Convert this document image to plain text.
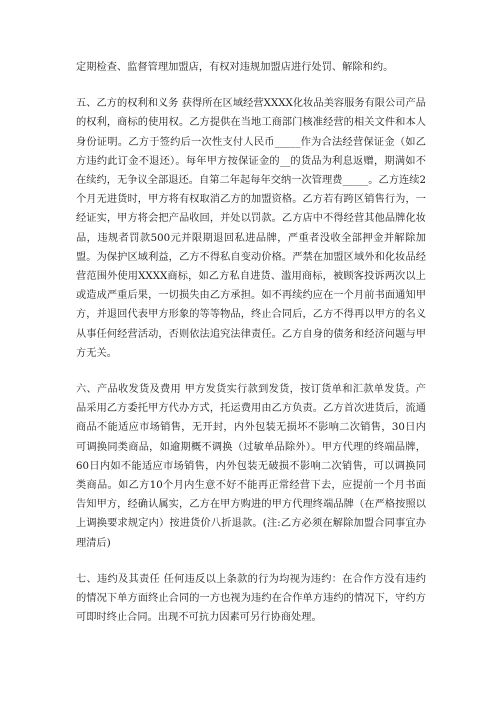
定期检查、监督管理加盟店，有权对违规加盟店进行处罚、解除和约。

五、乙方的权利和义务 获得所在区域经营XXXX化妆品美容服务有限公司产品的权利，商标的使用权。乙方提供在当地工商部门核准经营的相关文件和本人身份证明。乙方于签约后一次性支付人民币_____作为合法经营保证金（如乙方违约此订金不退还）。每年甲方按保证金的__的货品为利息返赠，期满如不在续约，无争议全部退还。自第二年起每年交纳一次管理费_____。乙方连续2个月无进货时，甲方将有权取消乙方的加盟资格。乙方若有跨区销售行为，一经证实，甲方将会把产品收回，并处以罚款。乙方店中不得经营其他品牌化妆品，违规者罚款500元并限期退回私进品牌，严重者没收全部押金并解除加盟。为保护区域利益，乙方不得私自变动价格。严禁在加盟区域外和化妆品经营范围外使用XXXX商标，如乙方私自进货、滥用商标，被顾客投诉两次以上或造成严重后果，一切损失由乙方承担。如不再续约应在一个月前书面通知甲方，并退回代表甲方形象的等等物品，终止合同后，乙方不得再以甲方的名义从事任何经营活动，否则依法追究法律责任。乙方自身的债务和经济问题与甲方无关。

六、产品收发货及费用 甲方发货实行款到发货，按订货单和汇款单发货。产品采用乙方委托甲方代办方式，托运费用由乙方负责。乙方首次进货后，流通商品不能适应市场销售，无开封，内外包装无损坏不影响二次销售，30日内可调换同类商品，如逾期概不调换（过敏单品除外）。甲方代理的终端品牌，60日内如不能适应市场销售，内外包装无破损不影响二次销售，可以调换同类商品。如乙方10个月内生意不好不能再正常经营下去，应提前一个月书面告知甲方，经确认属实，乙方在甲方购进的甲方代理终端品牌（在严格按照以上调换要求规定内）按进货价八折退款。(注:乙方必须在解除加盟合同事宜办理清后)

七、违约及其责任 任何违反以上条款的行为均视为违约：在合作方没有违约的情况下单方面终止合同的一方也视为违约在合作单方违约的情况下，守约方可即时终止合同。出现不可抗力因素可另行协商处理。
